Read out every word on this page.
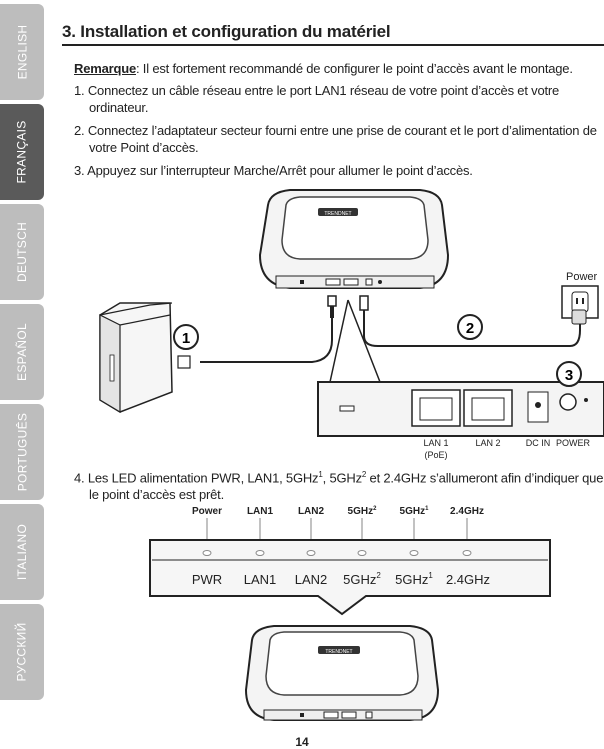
ENGLISH
FRANÇAIS
DEUTSCH
ESPAÑOL
PORTUGUÊS
ITALIANO
РУССКИЙ
3. Installation et configuration du matériel
Remarque: Il est fortement recommandé de configurer le point d’accès avant le montage.
1. Connectez un câble réseau entre le port LAN1 réseau de votre point d’accès et votre
ordinateur.
2. Connectez l’adaptateur secteur fourni entre une prise de courant et le port d’alimentation de
votre Point d’accès.
3. Appuyez sur l’interrupteur Marche/Arrêt pour allumer le point d’accès.
4. Les LED alimentation PWR, LAN1, 5GHz$^1$, 5GHz$^2$ et 2.4GHz s’allumeront afin d’indiquer que
le point d’accès est prêt.
TRENDNET
Power
1
2
3
LAN 1
(PoE)
LAN 2	DC IN POWER
Power LAN1 LAN2 5GHz$^2$ 5GHz$^1$ 2.4GHz
PWR LAN1 LAN2 5GHz$^2$ 5GHz$^1$ 2.4GHz
TRENDNET
14
